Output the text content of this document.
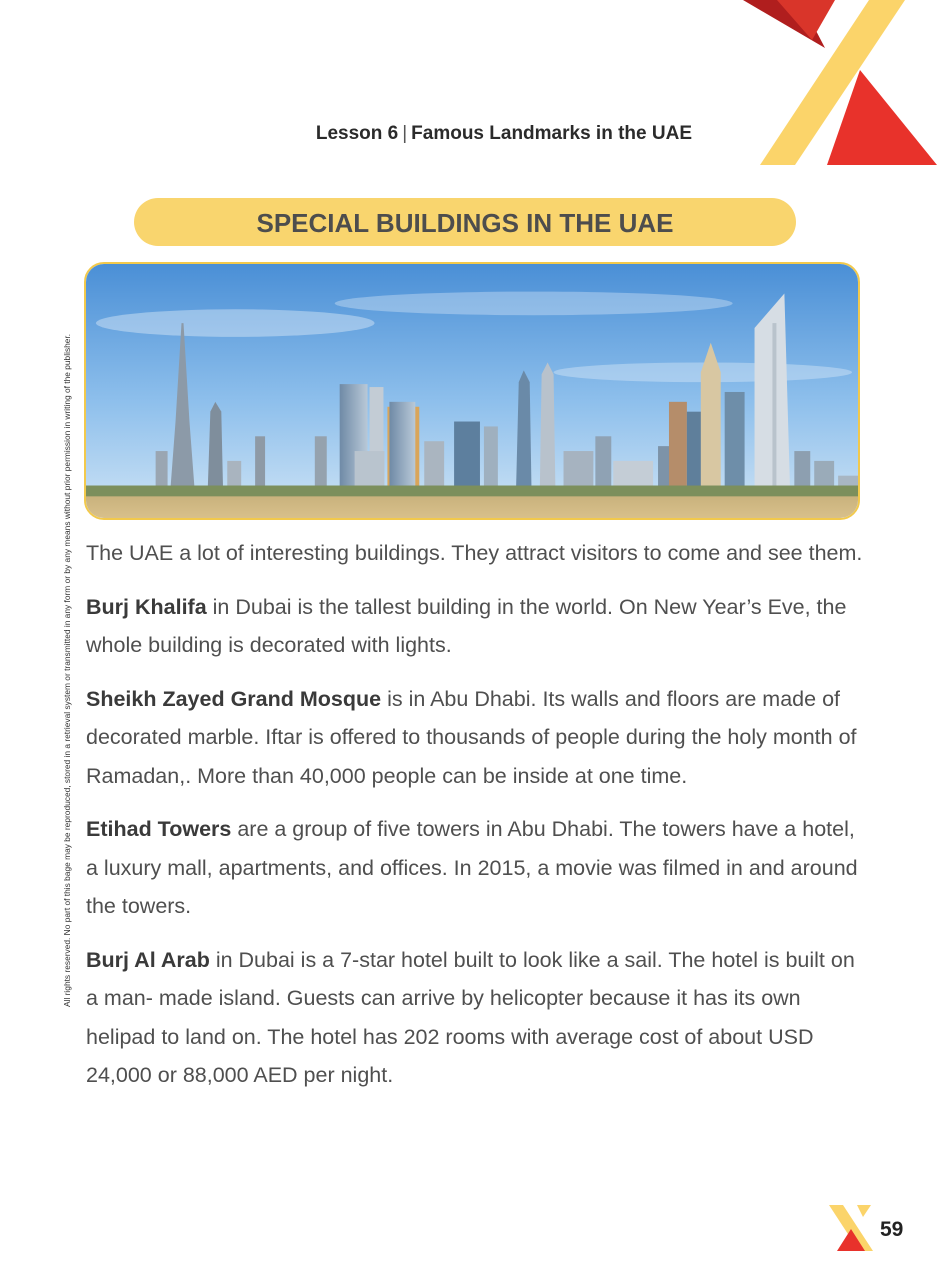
Lesson 6 | Famous Landmarks in the UAE
SPECIAL BUILDINGS IN THE UAE
All rights reserved. No part of this bage may be reproduced, stored in a retrieval system or transmitted in any form or by any means without prior permission in writing of the publisher. The UAE a lot of interesting buildings. They attract visitors to come and see them.

Burj Khalifa in Dubai is the tallest building in the world. On New Year’s Eve, the whole building is decorated with lights.

Sheikh Zayed Grand Mosque is in Abu Dhabi. Its walls and floors are made of decorated marble. Iftar is offered to thousands of people during the holy month of Ramadan,. More than 40,000 people can be inside at one time.

Etihad Towers are a group of five towers in Abu Dhabi. The towers have a hotel, a luxury mall, apartments, and offices. In 2015, a movie was filmed in and around the towers.

Burj Al Arab in Dubai is a 7-star hotel built to look like a sail. The hotel is built on a man- made island. Guests can arrive by helicopter because it has its own helipad to land on. The hotel has 202 rooms with average cost of about USD 24,000 or 88,000 AED per night.

59
